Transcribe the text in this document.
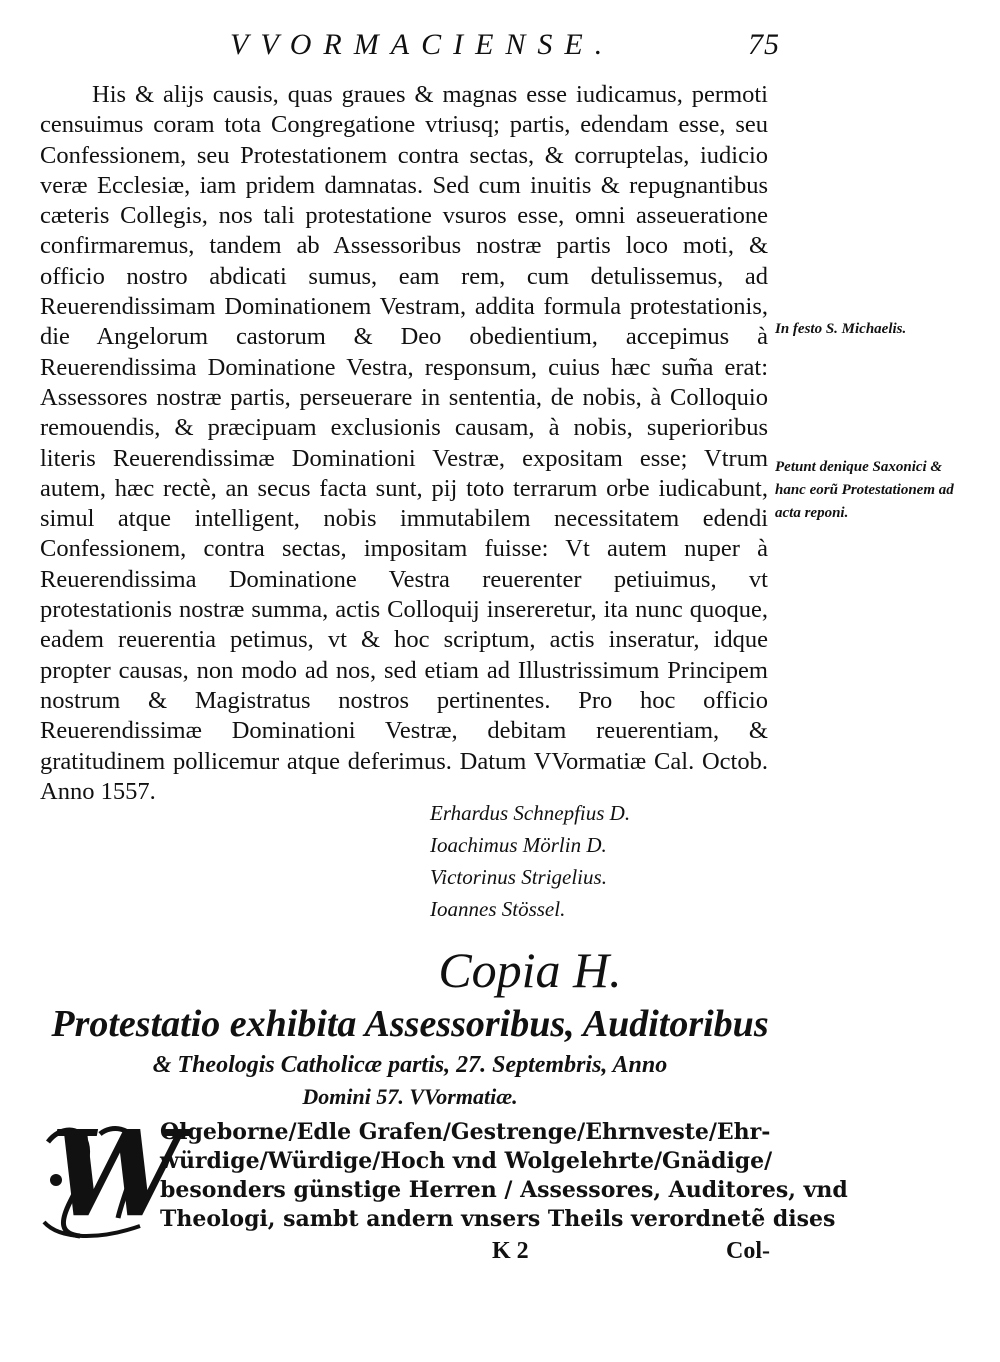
VVORMACIENSE.	75

His & alijs causis, quas graues & magnas esse iudicamus, permoti censuimus coram tota Congregatione vtriusq; partis, edendam esse, seu Confessionem, seu Protestationem contra sectas, & corruptelas, iudicio veræ Ecclesiæ, iam pridem damnatas. Sed cum inuitis & repugnantibus cæteris Collegis, nos tali protestatione vsuros esse, omni asseueratione confirmaremus, tandem ab Assessoribus nostræ partis loco moti, & officio nostro abdicati sumus, eam rem, cum detulissemus, ad Reuerendissimam Dominationem Vestram, addita formula protestationis, die Angelorum castorum & Deo obedientium, accepimus à Reuerendissima Dominatione Vestra, responsum, cuius hæc sum̃a erat: Assessores nostræ partis, perseuerare in sententia, de nobis, à Colloquio remouendis, & præcipuam exclusionis causam, à nobis, superioribus literis Reuerendissimæ Dominationi Vestræ, expositam esse; Vtrum autem, hæc rectè, an secus facta sunt, pij toto terrarum orbe iudicabunt, simul atque intelligent, nobis immutabilem necessitatem edendi Confessionem, contra sectas, impositam fuisse: Vt autem nuper à Reuerendissima Dominatione Vestra reuerenter petiuimus, vt protestationis nostræ summa, actis Colloquij insereretur, ita nunc quoque, eadem reuerentia petimus, vt & hoc scriptum, actis inseratur, idque propter causas, non modo ad nos, sed etiam ad Illustrissimum Principem nostrum & Magistratus nostros pertinentes. Pro hoc officio Reuerendissimæ Dominationi Vestræ, debitam reuerentiam, & gratitudinem pollicemur atque deferimus. Datum VVormatiæ Cal. Octob. Anno 1557.

In festo S. Michaelis.
Petunt denique Saxonici & hanc eorũ Protestationem ad acta reponi.
Erhardus Schnepfius D.
Ioachimus Mörlin D.
Victorinus Strigelius.
Ioannes Stössel.
Copia H.
Protestatio exhibita Assessoribus, Auditoribus
& Theologis Catholicæ partis, 27. Septembris, Anno
Domini 57. VVormatiæ.
W
Olgeborne/Edle Grafen/Gestrenge/Ehrnveste/Ehr-
würdige/Würdige/Hoch vnd Wolgelehrte/Gnädige/
besonders günstige Herren / Assessores, Auditores, vnd
Theologi, sambt andern vnsers Theils verordnetẽ dises
K 2	Col-
